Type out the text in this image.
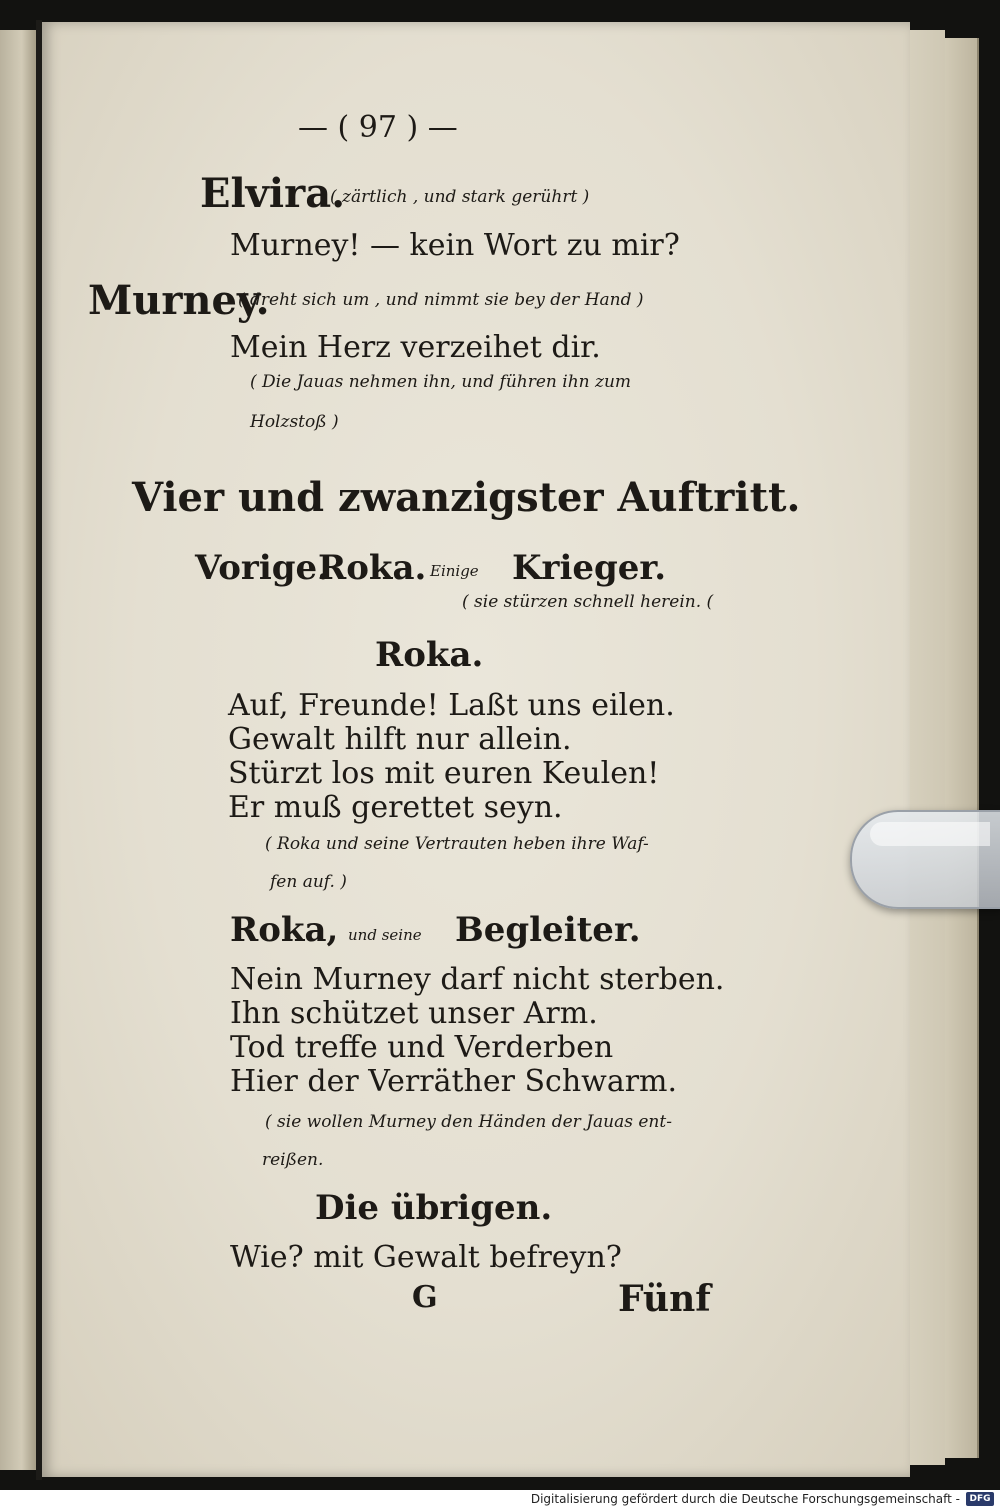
— ( 97 ) —
Elvira.
( zärtlich , und stark gerührt )
Murney! — kein Wort zu mir?
Murney.
( dreht sich um , und nimmt sie bey der Hand )
Mein Herz verzeihet dir.
( Die Jauas nehmen ihn, und führen ihn zum
Holzstoß )
Vier und zwanzigster Auftritt.
Vorige.
Roka. Einige Krieger.
( sie stürzen schnell herein. (
Roka.
Auf, Freunde! Laßt uns eilen.
Gewalt hilft nur allein.
Stürzt los mit euren Keulen!
Er muß gerettet seyn.
( Roka und seine Vertrauten heben ihre Waf-
fen auf. )
Roka, und seine Begleiter.
Nein Murney darf nicht sterben.
Ihn schützet unser Arm.
Tod treffe und Verderben
Hier der Verräther Schwarm.
( sie wollen Murney den Händen der Jauas ent-
reißen.
Die übrigen.
Wie? mit Gewalt befreyn?
G	Fünf
Digitalisierung gefördert durch die Deutsche Forschungsgemeinschaft -	DFG
